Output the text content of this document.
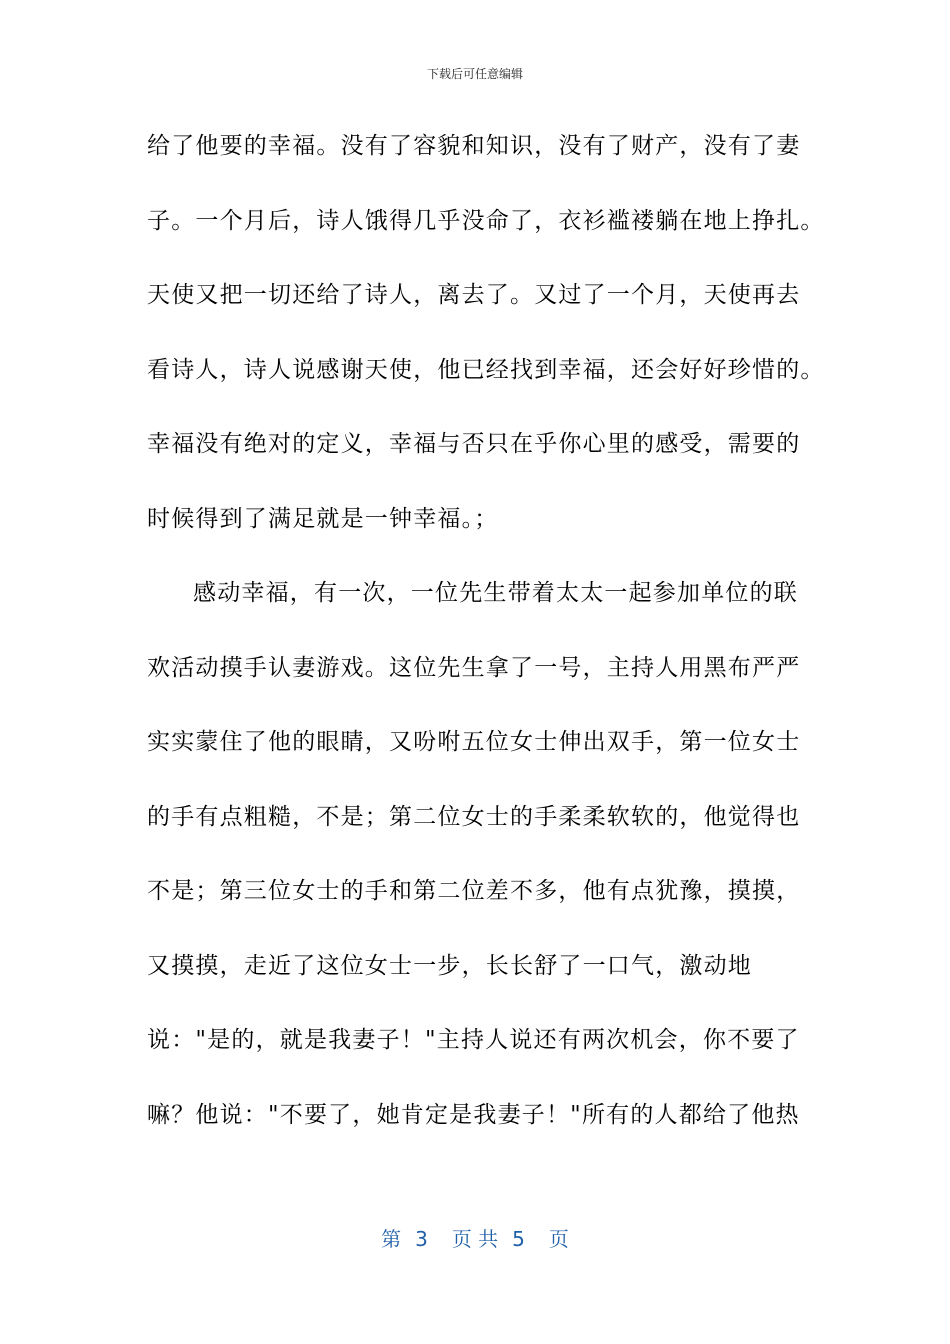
下载后可任意编辑
给了他要的幸福。没有了容貌和知识，没有了财产，没有了妻
子。一个月后，诗人饿得几乎没命了，衣衫褴褛躺在地上挣扎。
天使又把一切还给了诗人，离去了。又过了一个月，天使再去
看诗人，诗人说感谢天使，他已经找到幸福，还会好好珍惜的。
幸福没有绝对的定义，幸福与否只在乎你心里的感受，需要的
时候得到了满足就是一钟幸福。；
感动幸福，有一次，一位先生带着太太一起参加单位的联
欢活动摸手认妻游戏。这位先生拿了一号，主持人用黑布严严
实实蒙住了他的眼睛，又吩咐五位女士伸出双手，第一位女士
的手有点粗糙，不是；第二位女士的手柔柔软软的，他觉得也
不是；第三位女士的手和第二位差不多，他有点犹豫，摸摸，
又摸摸，走近了这位女士一步，长长舒了一口气，激动地
说："是的，就是我妻子！"主持人说还有两次机会，你不要了
嘛？他说："不要了，她肯定是我妻子！"所有的人都给了他热
第 3 页 共 5 页
